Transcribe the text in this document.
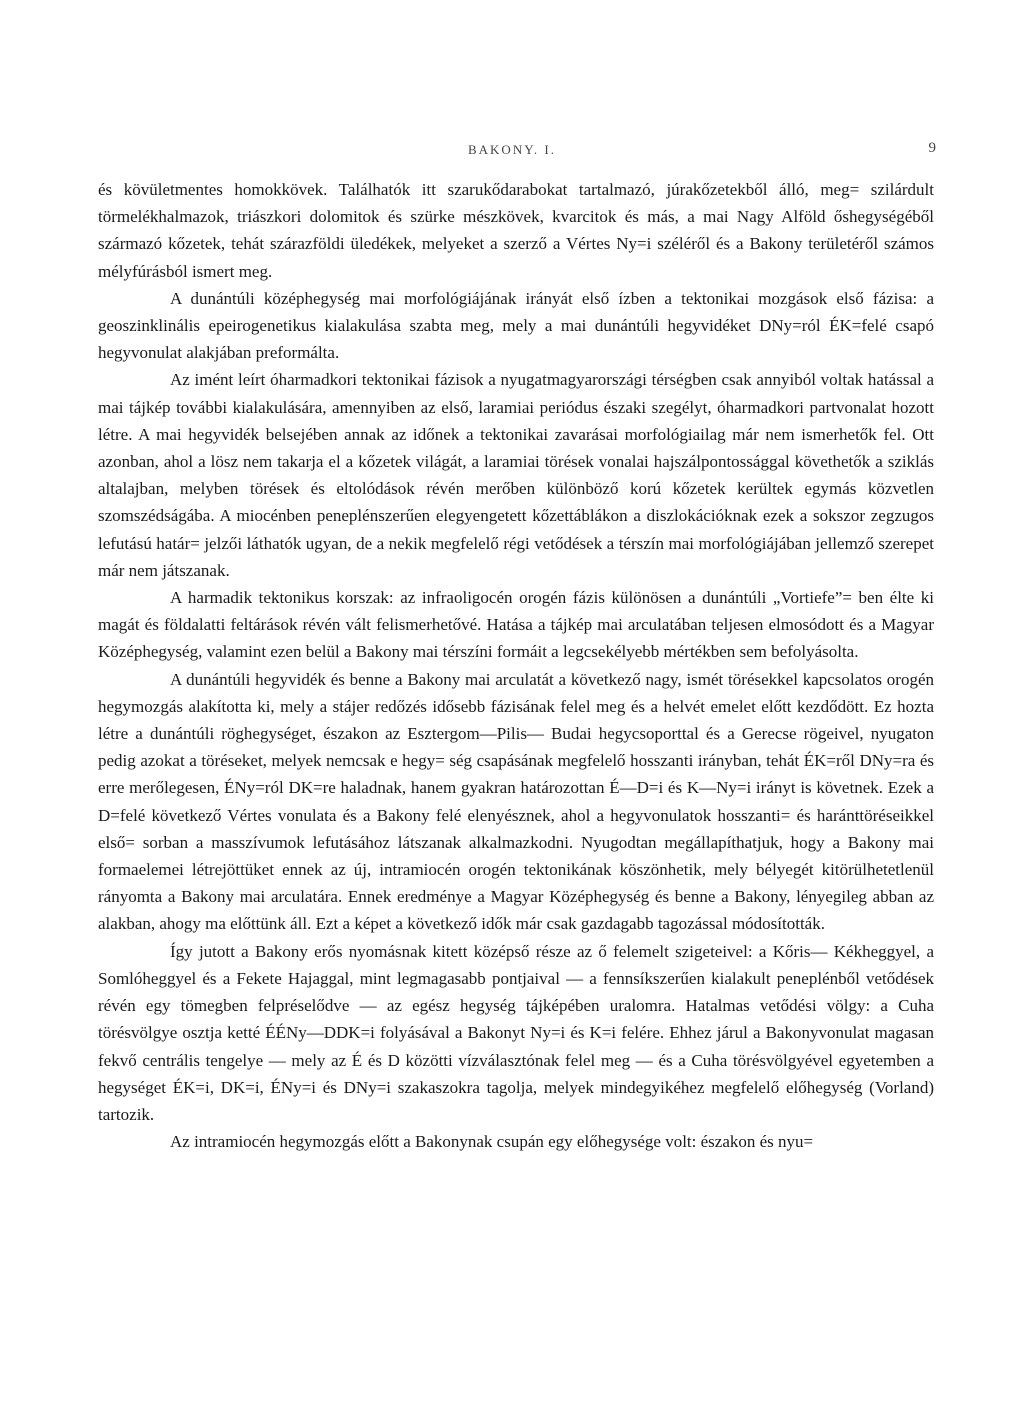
BAKONY. I.	9

és kövületmentes homokkövek. Találhatók itt szarukődarabokat tartalmazó, júrakőzetekből álló, meg= szilárdult törmelékhalmazok, triászkori dolomitok és szürke mészkövek, kvarcitok és más, a mai Nagy Alföld őshegységéből származó kőzetek, tehát szárazföldi üledékek, melyeket a szerző a Vértes Ny=i széléről és a Bakony területéről számos mélyfúrásból ismert meg.

A dunántúli középhegység mai morfológiájának irányát első ízben a tektonikai mozgások első fázisa: a geoszinklinális epeirogenetikus kialakulása szabta meg, mely a mai dunántúli hegyvidéket DNy=ról ÉK=felé csapó hegyvonulat alakjában preformálta.

Az imént leírt óharmadkori tektonikai fázisok a nyugatmagyarországi térségben csak annyiból voltak hatással a mai tájkép további kialakulására, amennyiben az első, laramiai periódus északi szegélyt, óharmadkori partvonalat hozott létre. A mai hegyvidék belsejében annak az időnek a tektonikai zavarásai morfológiailag már nem ismerhetők fel. Ott azonban, ahol a lösz nem takarja el a kőzetek világát, a laramiai törések vonalai hajszálpontossággal követhetők a sziklás altalajban, melyben törések és eltolódások révén merőben különböző korú kőzetek kerültek egymás közvetlen szomszédságába. A miocénben peneplénszerűen elegyengetett kőzettáblákon a diszlokációknak ezek a sokszor zegzugos lefutású határ= jelzői láthatók ugyan, de a nekik megfelelő régi vetődések a térszín mai morfológiájában jellemző szerepet már nem játszanak.

A harmadik tektonikus korszak: az infraoligocén orogén fázis különösen a dunántúli „Vortiefe”= ben élte ki magát és földalatti feltárások révén vált felismerhetővé. Hatása a tájkép mai arculatában teljesen elmosódott és a Magyar Középhegység, valamint ezen belül a Bakony mai térszíni formáit a legcsekélyebb mértékben sem befolyásolta.

A dunántúli hegyvidék és benne a Bakony mai arculatát a következő nagy, ismét törésekkel kapcsolatos orogén hegymozgás alakította ki, mely a stájer redőzés idősebb fázisának felel meg és a helvét emelet előtt kezdődött. Ez hozta létre a dunántúli röghegységet, északon az Esztergom—Pilis— Budai hegycsoporttal és a Gerecse rögeivel, nyugaton pedig azokat a töréseket, melyek nemcsak e hegy= ség csapásának megfelelő hosszanti irányban, tehát ÉK=ről DNy=ra és erre merőlegesen, ÉNy=ról DK=re haladnak, hanem gyakran határozottan É—D=i és K—Ny=i irányt is követnek. Ezek a D=felé következő Vértes vonulata és a Bakony felé elenyésznek, ahol a hegyvonulatok hosszanti= és haránttöréseikkel első= sorban a masszívumok lefutásához látszanak alkalmazkodni. Nyugodtan megállapíthatjuk, hogy a Bakony mai formaelemei létrejöttüket ennek az új, intramiocén orogén tektonikának köszönhetik, mely bélyegét kitörülhetetlenül rányomta a Bakony mai arculatára. Ennek eredménye a Magyar Középhegység és benne a Bakony, lényegileg abban az alakban, ahogy ma előttünk áll. Ezt a képet a következő idők már csak gazdagabb tagozással módosították.

Így jutott a Bakony erős nyomásnak kitett középső része az ő felemelt szigeteivel: a Kőris— Kékheggyel, a Somlóheggyel és a Fekete Hajaggal, mint legmagasabb pontjaival — a fennsíkszerűen kialakult peneplénből vetődések révén egy tömegben felpréselődve — az egész hegység tájképében uralomra. Hatalmas vetődési völgy: a Cuha törésvölgye osztja ketté ÉÉNy—DDK=i folyásával a Bakonyt Ny=i és K=i felére. Ehhez járul a Bakonyvonulat magasan fekvő centrális tengelye — mely az É és D közötti vízválasztónak felel meg — és a Cuha törésvölgyével egyetemben a hegységet ÉK=i, DK=i, ÉNy=i és DNy=i szakaszokra tagolja, melyek mindegyikéhez megfelelő előhegység (Vorland) tartozik.

Az intramiocén hegymozgás előtt a Bakonynak csupán egy előhegysége volt: északon és nyu=
